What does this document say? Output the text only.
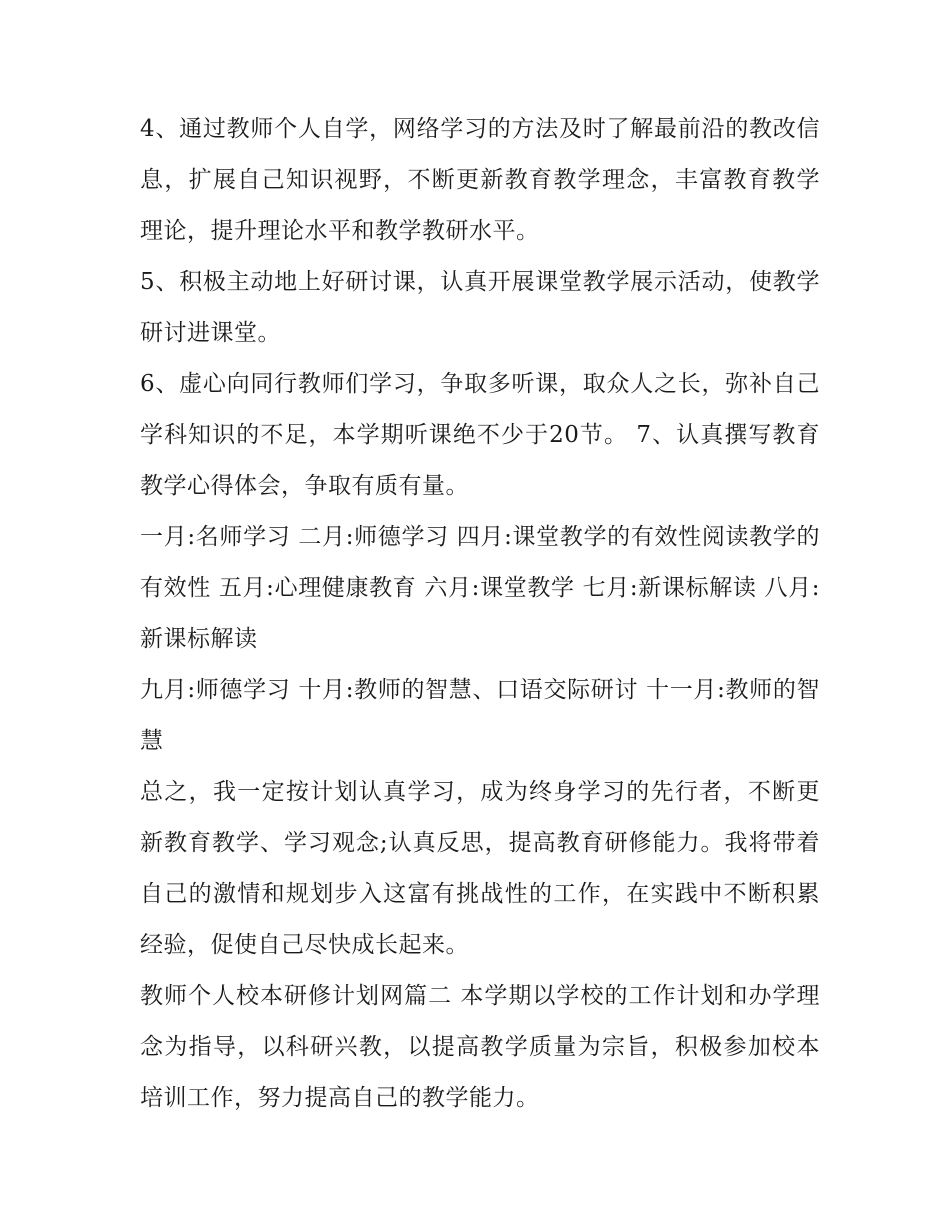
4、通过教师个人自学，网络学习的方法及时了解最前沿的教改信息，扩展自己知识视野，不断更新教育教学理念，丰富教育教学理论，提升理论水平和教学教研水平。

5、积极主动地上好研讨课，认真开展课堂教学展示活动，使教学研讨进课堂。

6、虚心向同行教师们学习，争取多听课，取众人之长，弥补自己学科知识的不足，本学期听课绝不少于20节。 7、认真撰写教育教学心得体会，争取有质有量。

一月:名师学习 二月:师德学习 四月:课堂教学的有效性阅读教学的有效性 五月:心理健康教育 六月:课堂教学 七月:新课标解读 八月:新课标解读

九月:师德学习 十月:教师的智慧、口语交际研讨 十一月:教师的智慧

总之，我一定按计划认真学习，成为终身学习的先行者，不断更新教育教学、学习观念;认真反思，提高教育研修能力。我将带着自己的激情和规划步入这富有挑战性的工作，在实践中不断积累经验，促使自己尽快成长起来。

教师个人校本研修计划网篇二 本学期以学校的工作计划和办学理念为指导，以科研兴教，以提高教学质量为宗旨，积极参加校本培训工作，努力提高自己的教学能力。
